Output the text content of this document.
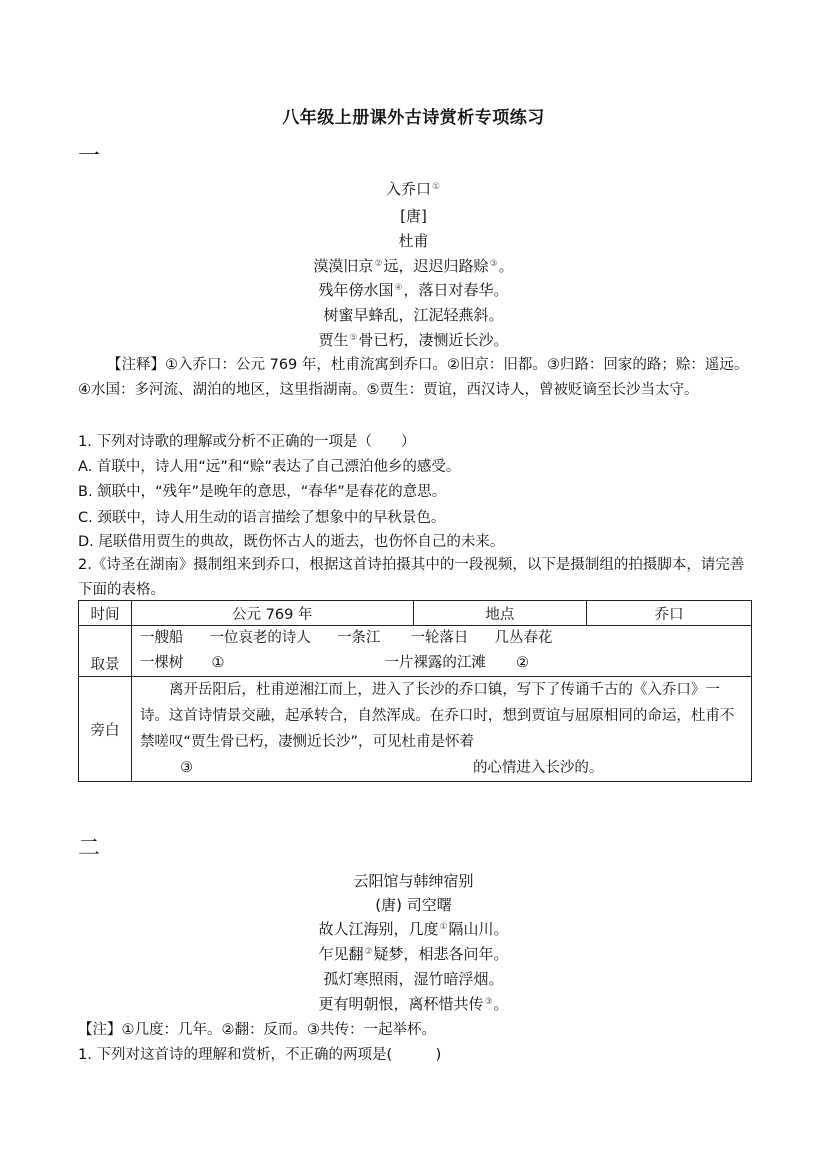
八年级上册课外古诗赏析专项练习
一
入乔口①
[唐]
杜甫
漠漠旧京②远，迟迟归路赊③。
残年傍水国④，落日对春华。
树蜜早蜂乱，江泥轻燕斜。
贾生⑤骨已朽，凄恻近长沙。
【注释】①入乔口：公元 769 年，杜甫流寓到乔口。②旧京：旧都。③归路：回家的路；赊：遥远。④水国：多河流、湖泊的地区，这里指湖南。⑤贾生：贾谊，西汉诗人，曾被贬谪至长沙当太守。
1. 下列对诗歌的理解或分析不正确的一项是（　　）
A. 首联中，诗人用“远”和“赊”表达了自己漂泊他乡的感受。
B. 颔联中，“残年”是晚年的意思，“春华”是春花的意思。
C. 颈联中，诗人用生动的语言描绘了想象中的早秋景色。
D. 尾联借用贾生的典故，既伤怀古人的逝去，也伤怀自己的未来。
2.《诗圣在湖南》摄制组来到乔口，根据这首诗拍摄其中的一段视频，以下是摄制组的拍摄脚本，请完善下面的表格。
时间	公元 769 年	地点	乔口
取景	一艘船 一位哀老的诗人 一条江 一轮落日 几丛春花
一棵树 ① 一片裸露的江滩 ②		

旁白	离开岳阳后，杜甫逆湘江而上，进入了长沙的乔口镇，写下了传诵千古的《入乔口》一诗。这首诗情景交融，起承转合，自然浑成。在乔口时，想到贾谊与屈原相同的命运，杜甫不禁嗟叹“贾生骨已朽，凄恻近长沙”，可见杜甫是怀着
③ 的心情进入长沙的。		
二
云阳馆与韩绅宿别
(唐) 司空曙
故人江海别，几度①隔山川。
乍见翻②疑梦，相悲各问年。
孤灯寒照雨，湿竹暗浮烟。
更有明朝恨，离杯惜共传③。
【注】①几度：几年。②翻：反而。③共传：一起举杯。
1. 下列对这首诗的理解和赏析，不正确的两项是(　　　)
